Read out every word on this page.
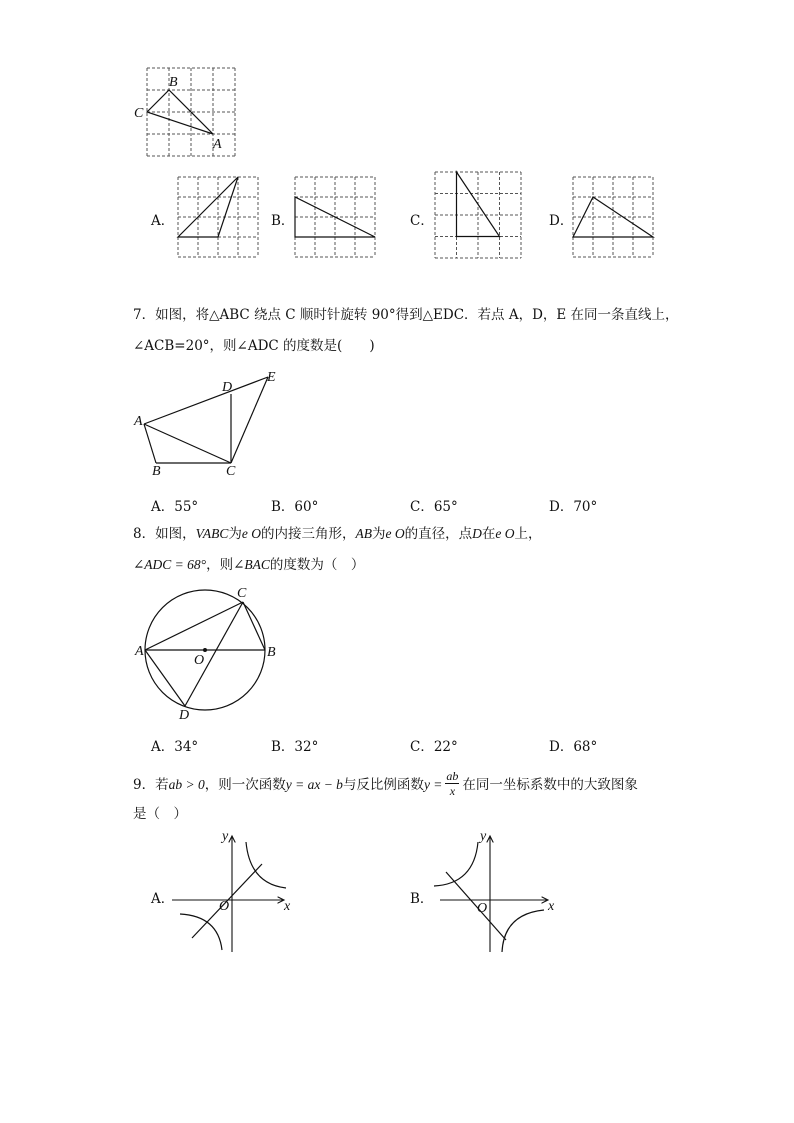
B
C
A
A．	B．	C．	D．
7．如图，将△ABC 绕点 C 顺时针旋转 90°得到△EDC．若点 A，D，E 在同一条直线上，
∠ACB=20°，则∠ADC 的度数是(　　)
A
B	C
D
E
A．55°	B．60°	C．65°	D．70°
8．如图，VABC为e O的内接三角形，AB为e O的直径，点D在e O上，
∠ADC = 68°，则∠BAC的度数为（　）
A	B
C
D
O
A．34°	B．32°	C．22°	D．68°
9．若ab > 0，则一次函数y = ax − b与反比例函数$y = \frac{ab}{x}$ 在同一坐标系数中的大致图象
是（　）
A．	x
y
O	B．	x
y
O
